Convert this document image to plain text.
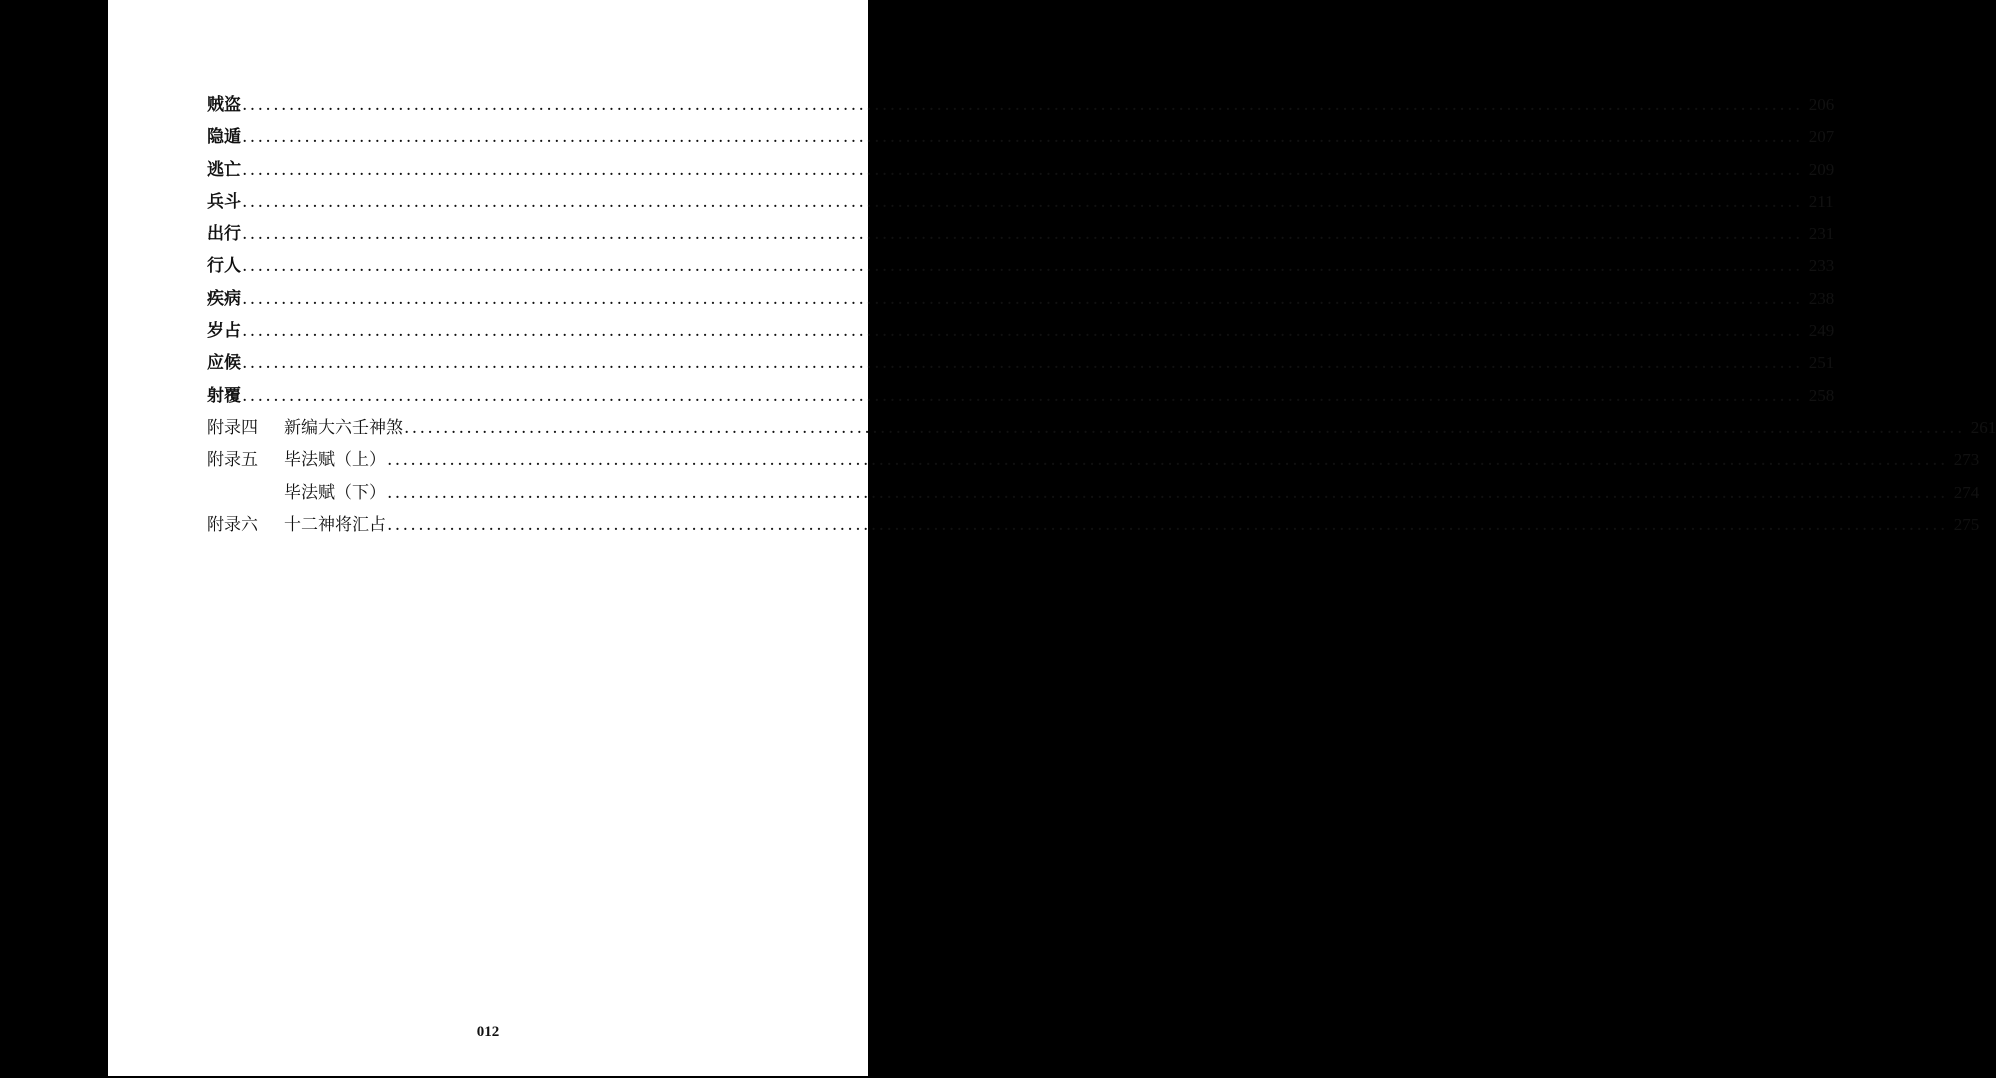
贼盗 ........................................................................................................................................................................................................ 206
隐遁 ........................................................................................................................................................................................................ 207
逃亡 ........................................................................................................................................................................................................ 209
兵斗 ........................................................................................................................................................................................................ 211
出行 ........................................................................................................................................................................................................ 231
行人 ........................................................................................................................................................................................................ 233
疾病 ........................................................................................................................................................................................................ 238
岁占 ........................................................................................................................................................................................................ 249
应候 ........................................................................................................................................................................................................ 251
射覆 ........................................................................................................................................................................................................ 258
附录四	新编大六壬神煞 ........................................................................................................................................................................................................ 261
附录五	毕法赋（上） ........................................................................................................................................................................................................ 273
毕法赋（下） ........................................................................................................................................................................................................ 274
附录六	十二神将汇占 ........................................................................................................................................................................................................ 275
012
